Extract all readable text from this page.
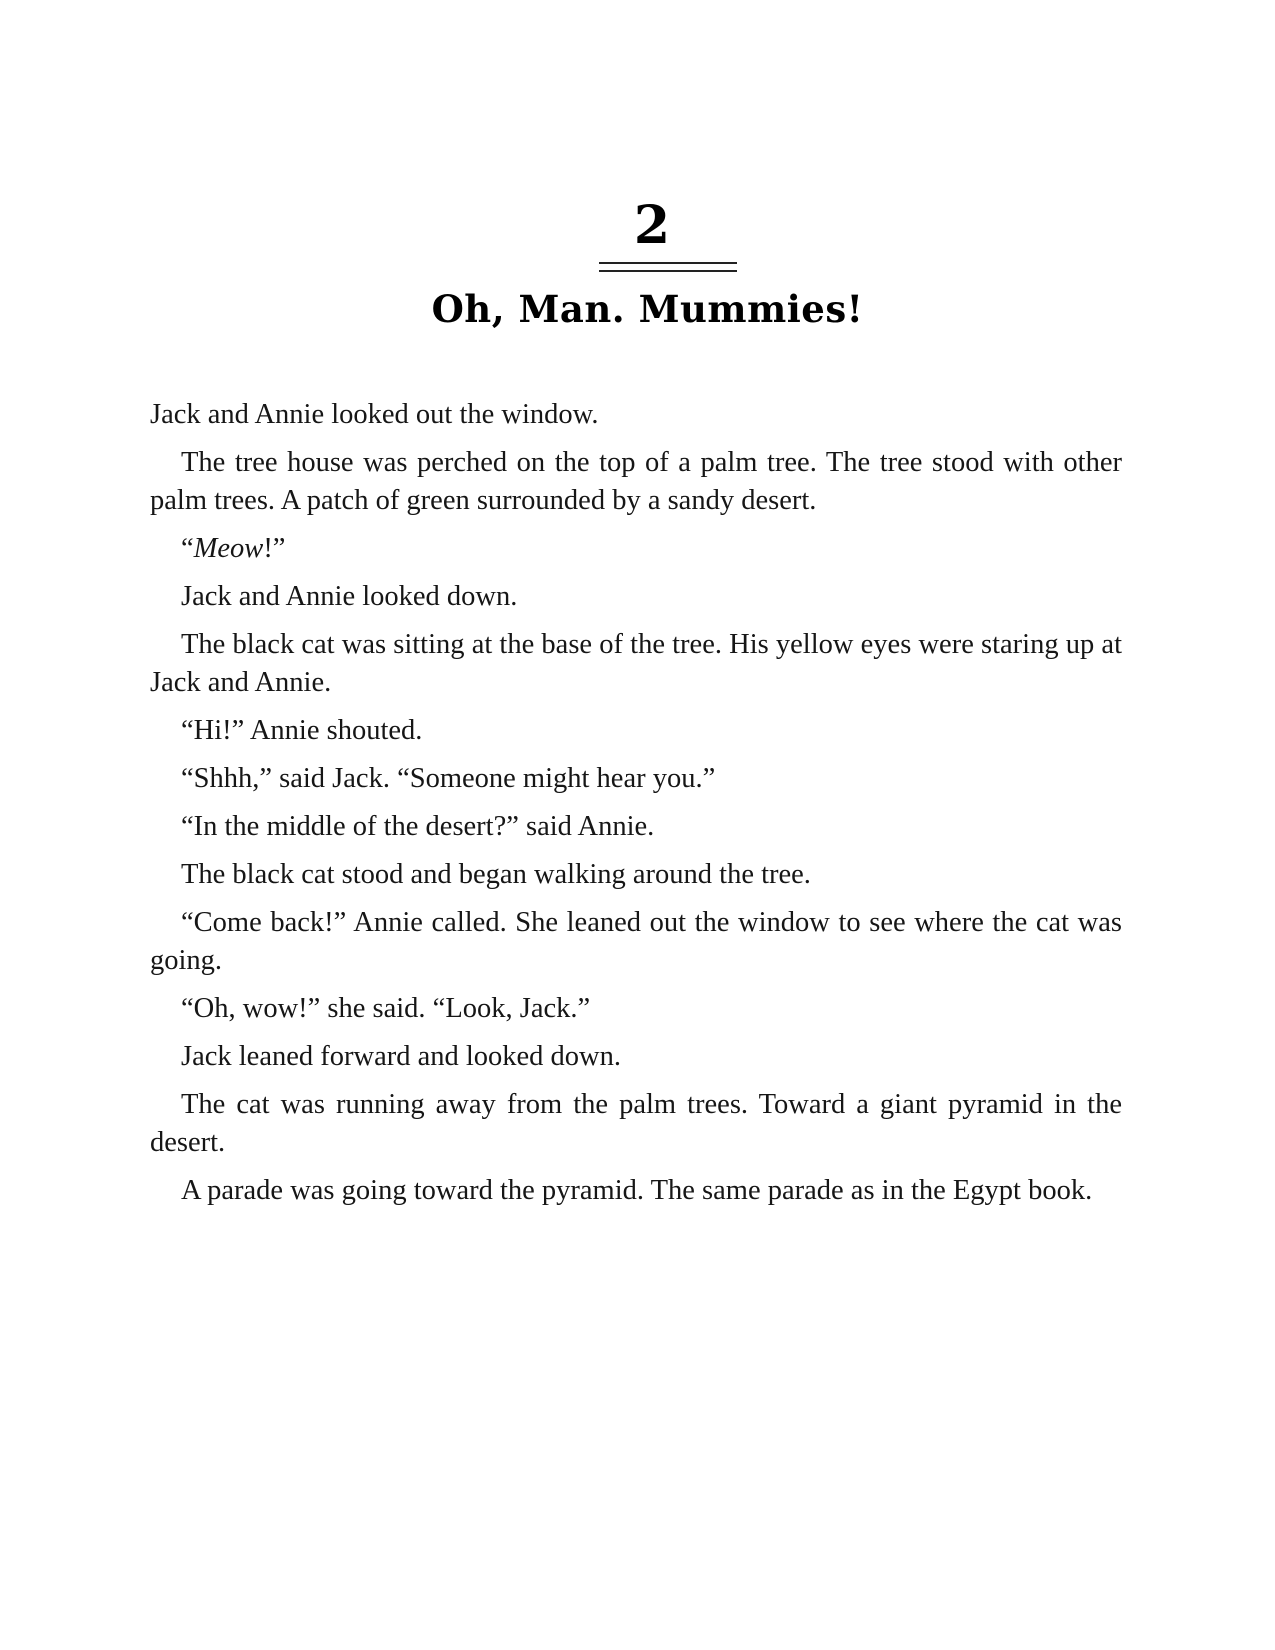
2
Oh, Man. Mummies!

Jack and Annie looked out the window.

The tree house was perched on the top of a palm tree. The tree stood with other palm trees. A patch of green surrounded by a sandy desert.

“Meow!”

Jack and Annie looked down.

The black cat was sitting at the base of the tree. His yellow eyes were staring up at Jack and Annie.

“Hi!” Annie shouted.

“Shhh,” said Jack. “Someone might hear you.”

“In the middle of the desert?” said Annie.

The black cat stood and began walking around the tree.

“Come back!” Annie called. She leaned out the window to see where the cat was going.

“Oh, wow!” she said. “Look, Jack.”

Jack leaned forward and looked down.

The cat was running away from the palm trees. Toward a giant pyramid in the desert.

A parade was going toward the pyramid. The same parade as in the Egypt book.
